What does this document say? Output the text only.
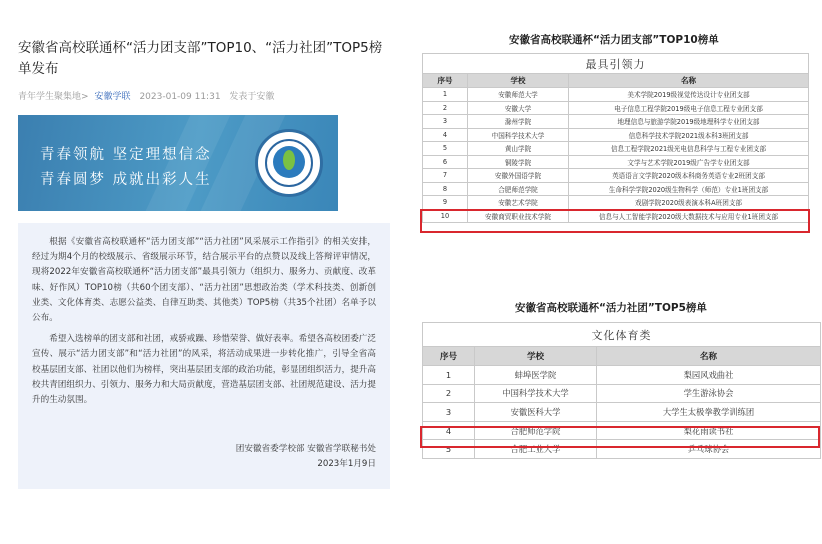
安徽省高校联通杯“活力团支部”TOP10、“活力社团”TOP5榜单发布
青年学生聚集地> 安徽学联 2023-01-09 11:31 发表于安徽
青春领航 坚定理想信念
青春圆梦 成就出彩人生

根据《安徽省高校联通杯“活力团支部”“活力社团”风采展示工作指引》的相关安排，经过为期4个月的校级展示、省级展示环节，结合展示平台的点赞以及线上答辩评审情况，现将2022年安徽省高校联通杯“活力团支部”最具引领力（组织力、服务力、贡献度、改革味、好作风）TOP10榜（共60个团支部）、“活力社团”思想政治类（学术科技类、创新创业类、文化体育类、志愿公益类、自律互助类、其他类）TOP5榜（共35个社团）名单予以公布。

希望入选榜单的团支部和社团，戒骄戒躁、珍惜荣誉、做好表率。希望各高校团委广泛宣传、展示“活力团支部”和“活力社团”的风采，将活动成果进一步转化推广，引导全省高校基层团支部、社团以他们为榜样，突出基层团支部的政治功能，彰显团组织活力，提升高校共青团组织力、引领力、服务力和大局贡献度，营造基层团支部、社团规范建设、活力提升的生动氛围。

团安徽省委学校部 安徽省学联秘书处
2023年1月9日
安徽省高校联通杯“活力团支部”TOP10榜单
最具引领力		
序号	学校	名称
1	安徽师范大学	美术学院2019级视觉传达设计专业团支部
2	安徽大学	电子信息工程学院2019级电子信息工程专业团支部
3	滁州学院	地理信息与旅游学院2019级地理科学专业团支部
4	中国科学技术大学	信息科学技术学院2021级本科3班团支部
5	黄山学院	信息工程学院2021级光电信息科学与工程专业团支部
6	铜陵学院	文学与艺术学院2019级广告学专业团支部
7	安徽外国语学院	英语语言文学院2020级本科商务英语专业2班团支部
8	合肥师范学院	生命科学学院2020级生物科学（师范）专业1班团支部
9	安徽艺术学院	戏剧学院2020级表演本科A班团支部
10	安徽商贸职业技术学院	信息与人工智能学院2020级大数据技术与应用专业1班团支部
安徽省高校联通杯“活力社团”TOP5榜单
文化体育类		
序号	学校	名称
1	蚌埠医学院	梨园风戏曲社
2	中国科学技术大学	学生游泳协会
3	安徽医科大学	大学生太极拳教学训练团
4	合肥师范学院	梨花雨读书社
5	合肥工业大学	乒乓球协会
